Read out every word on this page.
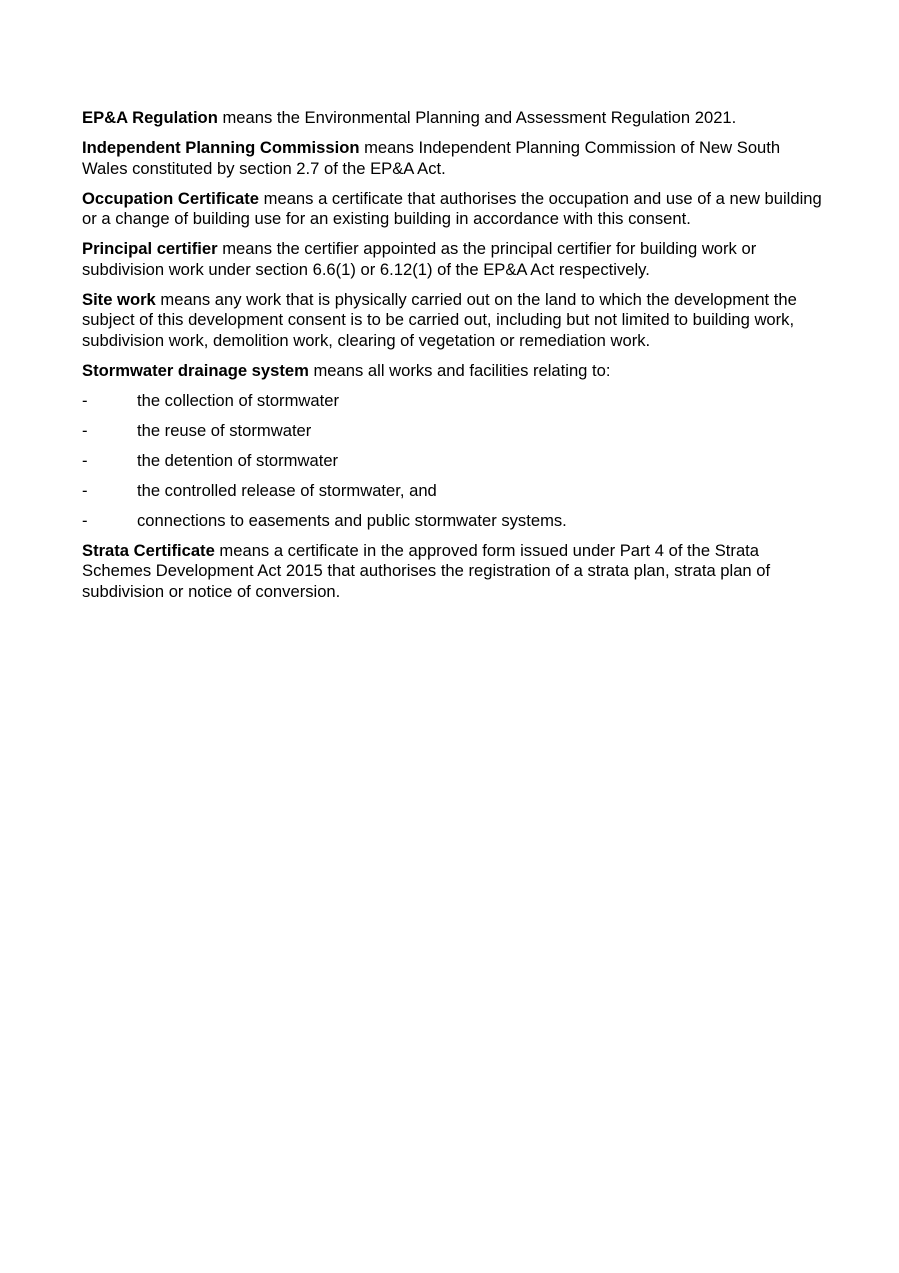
EP&A Regulation means the Environmental Planning and Assessment Regulation 2021.

Independent Planning Commission means Independent Planning Commission of New South Wales constituted by section 2.7 of the EP&A Act.

Occupation Certificate means a certificate that authorises the occupation and use of a new building or a change of building use for an existing building in accordance with this consent.

Principal certifier means the certifier appointed as the principal certifier for building work or subdivision work under section 6.6(1) or 6.12(1) of the EP&A Act respectively.

Site work means any work that is physically carried out on the land to which the development the subject of this development consent is to be carried out, including but not limited to building work, subdivision work, demolition work, clearing of vegetation or remediation work.

Stormwater drainage system means all works and facilities relating to:

-	the collection of stormwater
-	the reuse of stormwater
-	the detention of stormwater
-	the controlled release of stormwater, and
-	connections to easements and public stormwater systems.

Strata Certificate means a certificate in the approved form issued under Part 4 of the Strata Schemes Development Act 2015 that authorises the registration of a strata plan, strata plan of subdivision or notice of conversion.
